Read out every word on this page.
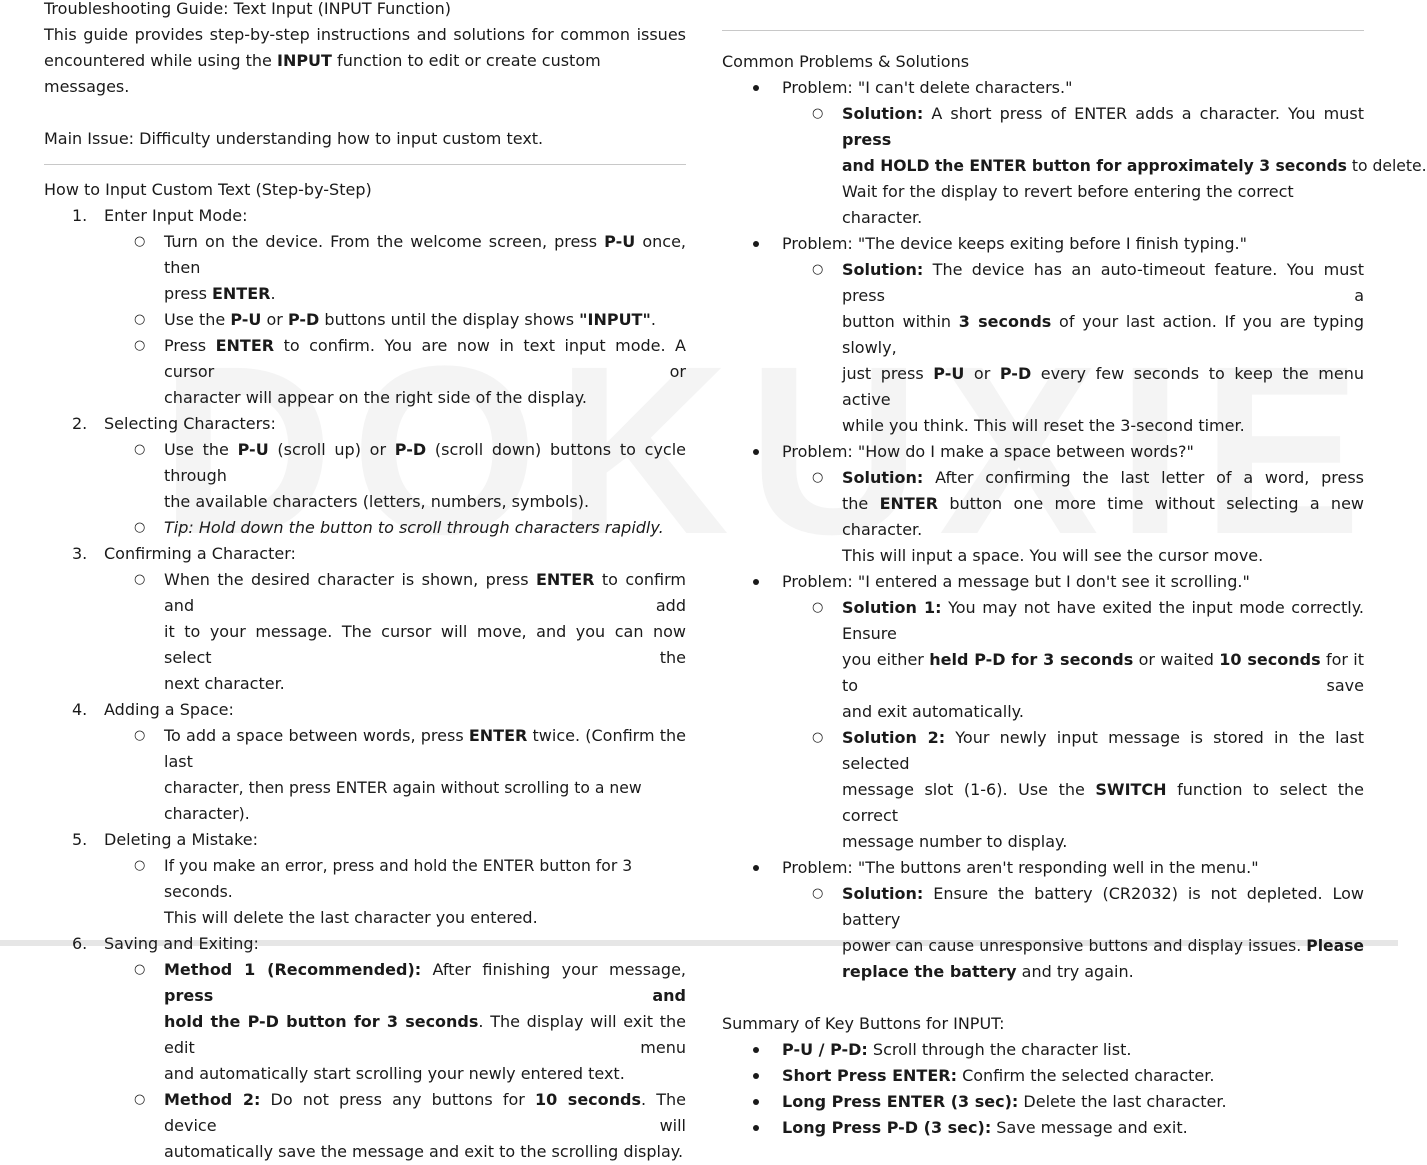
Troubleshooting Guide: Text Input (INPUT Function)
This guide provides step-by-step instructions and solutions for common issues
encountered while using the INPUT function to edit or create custom messages.
Main Issue: Difficulty understanding how to input custom text.
How to Input Custom Text (Step-by-Step)
1. Enter Input Mode:
○ Turn on the device. From the welcome screen, press P-U once, then
press ENTER.
○ Use the P-U or P-D buttons until the display shows "INPUT".
○ Press ENTER to confirm. You are now in text input mode. A cursor or
character will appear on the right side of the display.
2. Selecting Characters:
○ Use the P-U (scroll up) or P-D (scroll down) buttons to cycle through
the available characters (letters, numbers, symbols).
○ Tip: Hold down the button to scroll through characters rapidly.
3. Confirming a Character:
○ When the desired character is shown, press ENTER to confirm and add
it to your message. The cursor will move, and you can now select the
next character.
4. Adding a Space:
○ To add a space between words, press ENTER twice. (Confirm the last
character, then press ENTER again without scrolling to a new character).
5. Deleting a Mistake:
○ If you make an error, press and hold the ENTER button for 3 seconds.
This will delete the last character you entered.
6. Saving and Exiting:
○ Method 1 (Recommended): After finishing your message, press and
hold the P-D button for 3 seconds. The display will exit the edit menu
and automatically start scrolling your newly entered text.
○ Method 2: Do not press any buttons for 10 seconds. The device will
automatically save the message and exit to the scrolling display.
Common Problems & Solutions
Problem: "I can't delete characters."
○ Solution: A short press of ENTER adds a character. You must press
and HOLD the ENTER button for approximately 3 seconds to delete.
Wait for the display to revert before entering the correct character.
Problem: "The device keeps exiting before I finish typing."
○ Solution: The device has an auto-timeout feature. You must press a
button within 3 seconds of your last action. If you are typing slowly,
just press P-U or P-D every few seconds to keep the menu active
while you think. This will reset the 3-second timer.
Problem: "How do I make a space between words?"
○ Solution: After confirming the last letter of a word, press
the ENTER button one more time without selecting a new character.
This will input a space. You will see the cursor move.
Problem: "I entered a message but I don't see it scrolling."
○ Solution 1: You may not have exited the input mode correctly. Ensure
you either held P-D for 3 seconds or waited 10 seconds for it to save
and exit automatically.
○ Solution 2: Your newly input message is stored in the last selected
message slot (1-6). Use the SWITCH function to select the correct
message number to display.
Problem: "The buttons aren't responding well in the menu."
○ Solution: Ensure the battery (CR2032) is not depleted. Low battery
power can cause unresponsive buttons and display issues. Please
replace the battery and try again.
Summary of Key Buttons for INPUT:
P-U / P-D: Scroll through the character list.
Short Press ENTER: Confirm the selected character.
Long Press ENTER (3 sec): Delete the last character.
Long Press P-D (3 sec): Save message and exit.
